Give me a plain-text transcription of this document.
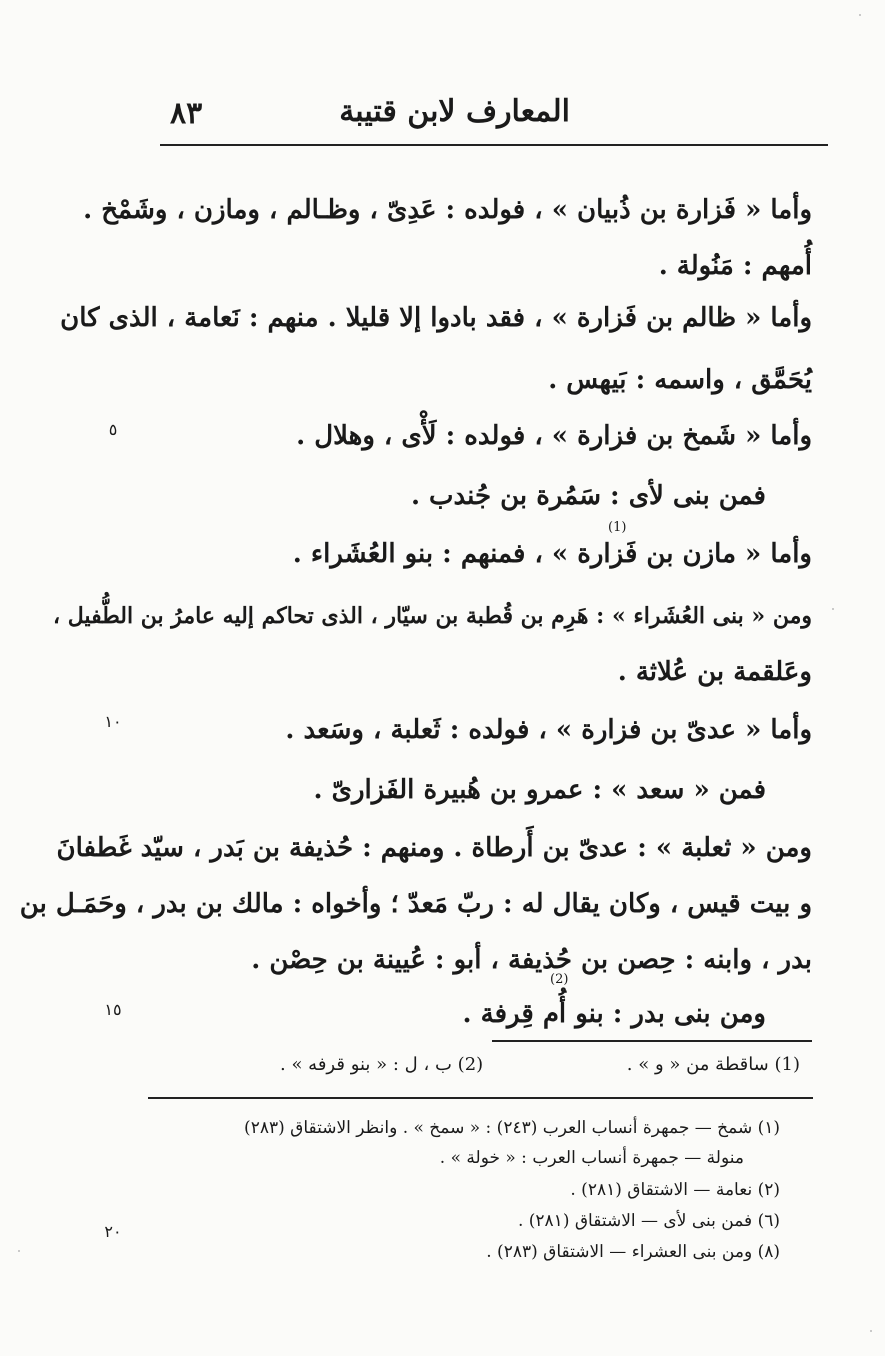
٨٣	المعارف لابن قتيبة
وأما « فَزارة بن ذُبيان » ، فولده : عَدِىّ ، وظـالم ، ومازن ، وشَمْخ .
أُمهم : مَنُولة .
وأما « ظالم بن فَزارة » ، فقد بادوا إلا قليلا . منهم : نَعامة ، الذى كان
يُحَمَّق ، واسمه : بَيهس .
وأما « شَمخ بن فزارة » ، فولده : لَأْى ، وهلال .
فمن بنى لأى : سَمُرة بن جُندب .
وأما « مازن بن فَزارة » ، فمنهم : بنو العُشَراء .
ومن « بنى العُشَراء » : هَرِم بن قُطبة بن سيّار ، الذى تحاكم إليه عامرُ بن الطُّفيل ،
وعَلقمة بن عُلاثة .
وأما « عدىّ بن فزارة » ، فولده : ثَعلبة ، وسَعد .
فمن « سعد » : عمرو بن هُبيرة الفَزارىّ .
ومن « ثعلبة » : عدىّ بن أَرطاة . ومنهم : حُذيفة بن بَدر ، سيّد غَطفانَ
و بيت قيس ، وكان يقال له : ربّ مَعدّ ؛ وأخواه : مالك بن بدر ، وحَمَـل بن
بدر ، وابنه : حِصن بن حُذيفة ، أبو : عُيينة بن حِصْن .
ومن بنى بدر : بنو أُم قِرفة .
(1)
(2)
٥
١٠
١٥
٢٠
(1) ساقطة من « و » .
(2) ب ، ل : « بنو قرفه » .
(١) شمخ — جمهرة أنساب العرب (٢٤٣) : « سمخ » . وانظر الاشتقاق (٢٨٣)
منولة — جمهرة أنساب العرب : « خولة » .
(٢) نعامة — الاشتقاق (٢٨١) .
(٦) فمن بنى لأى — الاشتقاق (٢٨١) .
(٨) ومن بنى العشراء — الاشتقاق (٢٨٣) .
